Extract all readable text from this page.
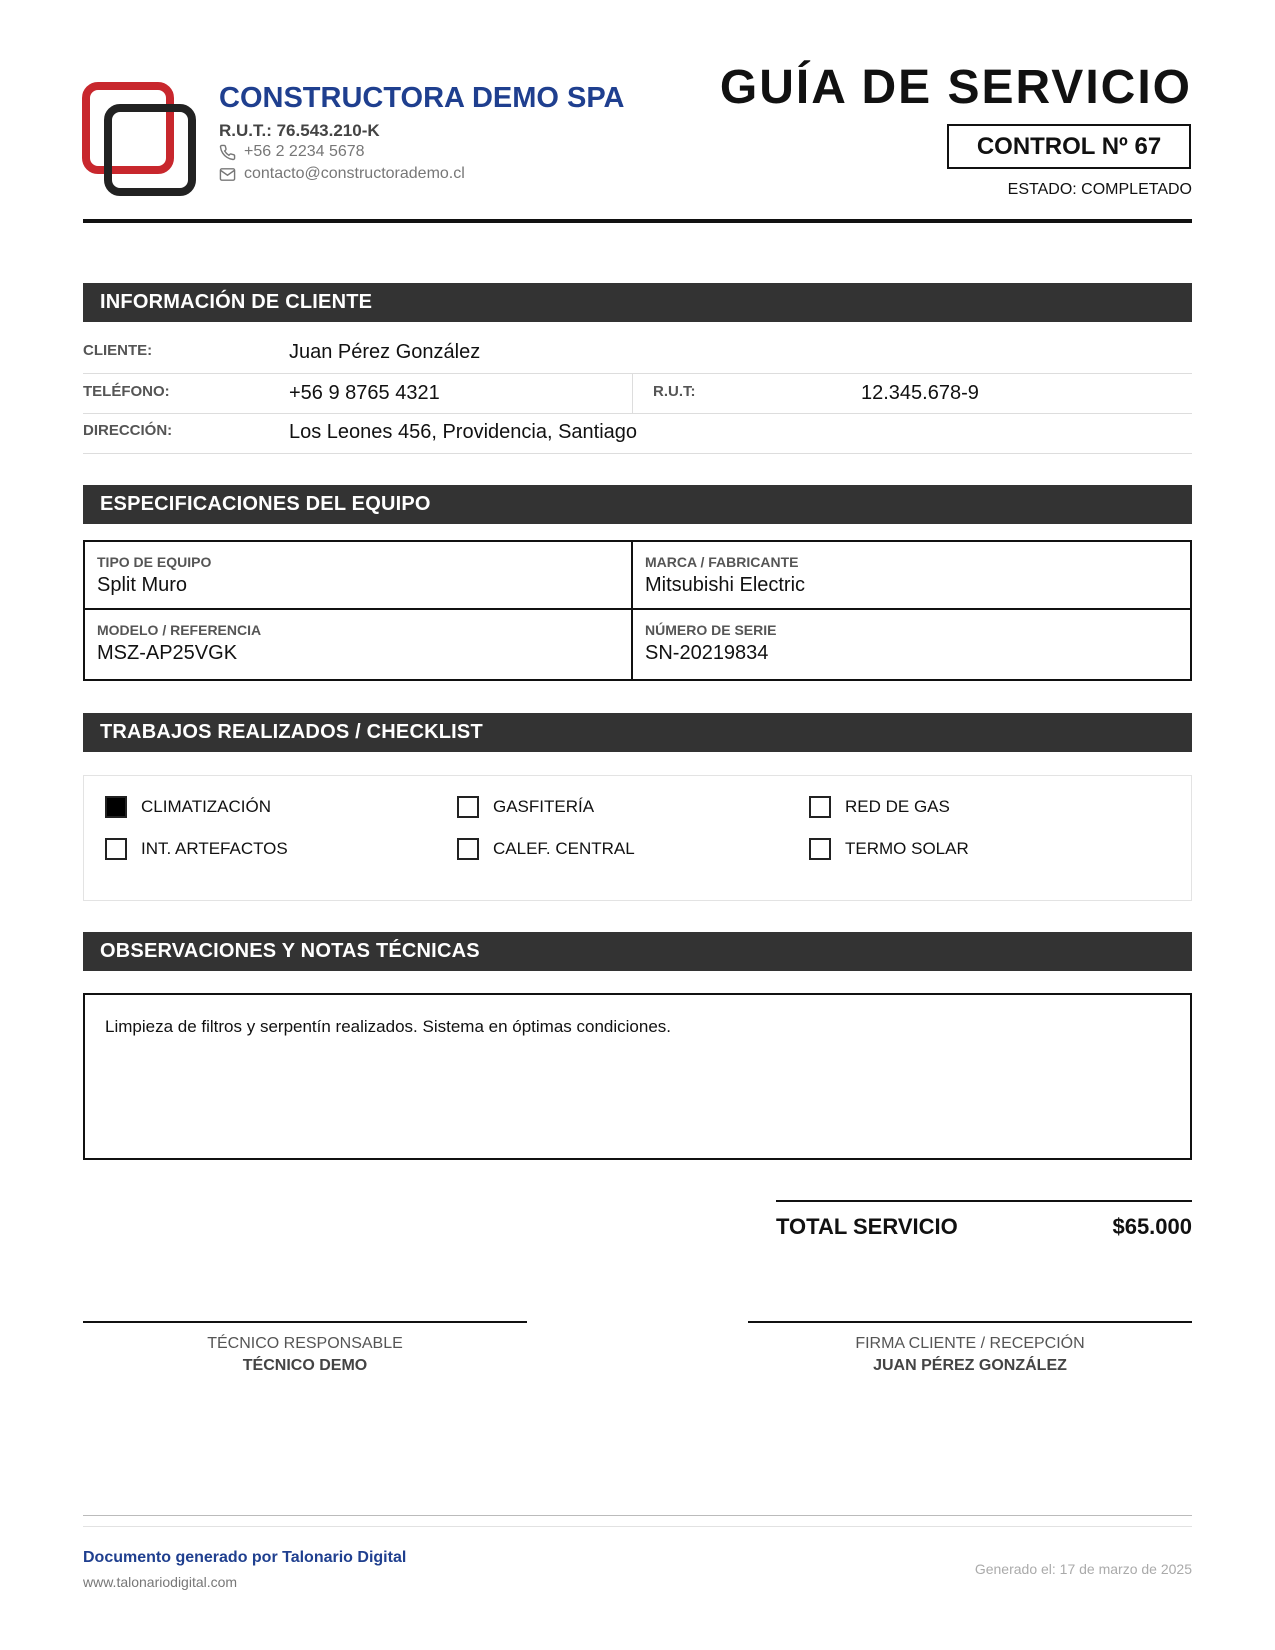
CONSTRUCTORA DEMO SPA
R.U.T.: 76.543.210-K
+56 2 2234 5678
contacto@constructorademo.cl
GUÍA DE SERVICIO
CONTROL Nº 67
ESTADO: COMPLETADO
INFORMACIÓN DE CLIENTE
CLIENTE:	Juan Pérez González
TELÉFONO:	+56 9 8765 4321	R.U.T:	12.345.678-9
DIRECCIÓN:	Los Leones 456, Providencia, Santiago
ESPECIFICACIONES DEL EQUIPO
TIPO DE EQUIPO
Split Muro
MARCA / FABRICANTE
Mitsubishi Electric
MODELO / REFERENCIA
MSZ-AP25VGK
NÚMERO DE SERIE
SN-20219834
TRABAJOS REALIZADOS / CHECKLIST
CLIMATIZACIÓN	GASFITERÍA	RED DE GAS
INT. ARTEFACTOS	CALEF. CENTRAL	TERMO SOLAR
OBSERVACIONES Y NOTAS TÉCNICAS
Limpieza de filtros y serpentín realizados. Sistema en óptimas condiciones.
TOTAL SERVICIO	$65.000
TÉCNICO RESPONSABLE
TÉCNICO DEMO
FIRMA CLIENTE / RECEPCIÓN
JUAN PÉREZ GONZÁLEZ
Documento generado por Talonario Digital
www.talonariodigital.com
Generado el: 17 de marzo de 2025
